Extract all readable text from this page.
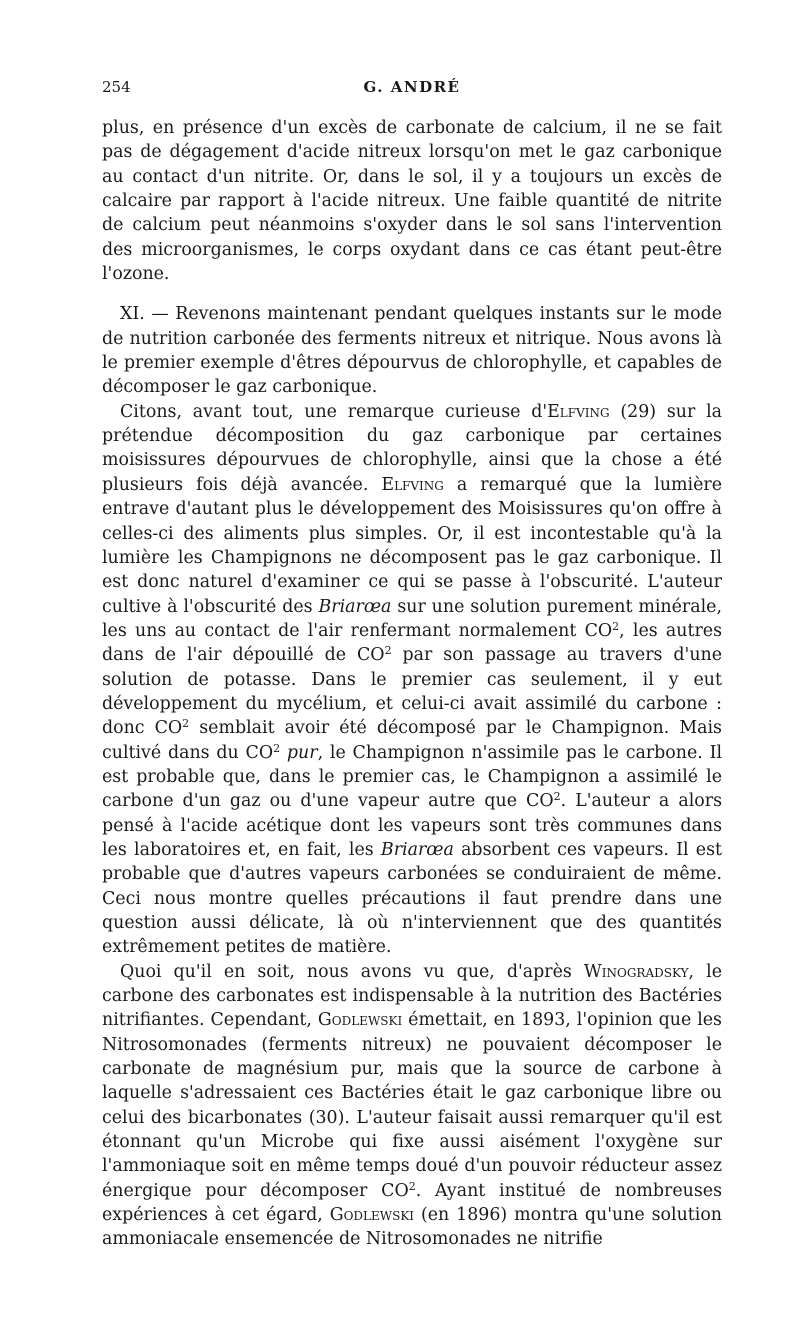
254	G. ANDRÉ

plus, en présence d'un excès de carbonate de calcium, il ne se fait pas de dégagement d'acide nitreux lorsqu'on met le gaz carbonique au contact d'un nitrite. Or, dans le sol, il y a toujours un excès de calcaire par rapport à l'acide nitreux. Une faible quantité de nitrite de calcium peut néanmoins s'oxyder dans le sol sans l'intervention des microorganismes, le corps oxydant dans ce cas étant peut-être l'ozone.

XI. — Revenons maintenant pendant quelques instants sur le mode de nutrition carbonée des ferments nitreux et nitrique. Nous avons là le premier exemple d'êtres dépourvus de chlorophylle, et capables de décomposer le gaz carbonique.

Citons, avant tout, une remarque curieuse d'Elfving (29) sur la prétendue décomposition du gaz carbonique par certaines moisissures dépourvues de chlorophylle, ainsi que la chose a été plusieurs fois déjà avancée. Elfving a remarqué que la lumière entrave d'autant plus le développement des Moisissures qu'on offre à celles-ci des aliments plus simples. Or, il est incontestable qu'à la lumière les Champignons ne décomposent pas le gaz carbonique. Il est donc naturel d'examiner ce qui se passe à l'obscurité. L'auteur cultive à l'obscurité des Briarœa sur une solution purement minérale, les uns au contact de l'air renfermant normalement $CO^2$, les autres dans de l'air dépouillé de $CO^2$ par son passage au travers d'une solution de potasse. Dans le premier cas seulement, il y eut développement du mycélium, et celui-ci avait assimilé du carbone : donc $CO^2$ semblait avoir été décomposé par le Champignon. Mais cultivé dans du $CO^2$ pur, le Champignon n'assimile pas le carbone. Il est probable que, dans le premier cas, le Champignon a assimilé le carbone d'un gaz ou d'une vapeur autre que $CO^2$. L'auteur a alors pensé à l'acide acétique dont les vapeurs sont très communes dans les laboratoires et, en fait, les Briarœa absorbent ces vapeurs. Il est probable que d'autres vapeurs carbonées se conduiraient de même. Ceci nous montre quelles précautions il faut prendre dans une question aussi délicate, là où n'interviennent que des quantités extrêmement petites de matière.

Quoi qu'il en soit, nous avons vu que, d'après Winogradsky, le carbone des carbonates est indispensable à la nutrition des Bactéries nitrifiantes. Cependant, Godlewski émettait, en 1893, l'opinion que les Nitrosomonades (ferments nitreux) ne pouvaient décomposer le carbonate de magnésium pur, mais que la source de carbone à laquelle s'adressaient ces Bactéries était le gaz carbonique libre ou celui des bicarbonates (30). L'auteur faisait aussi remarquer qu'il est étonnant qu'un Microbe qui fixe aussi aisément l'oxygène sur l'ammoniaque soit en même temps doué d'un pouvoir réducteur assez énergique pour décomposer $CO^2$. Ayant institué de nombreuses expériences à cet égard, Godlewski (en 1896) montra qu'une solution ammoniacale ensemencée de Nitrosomonades ne nitrifie
